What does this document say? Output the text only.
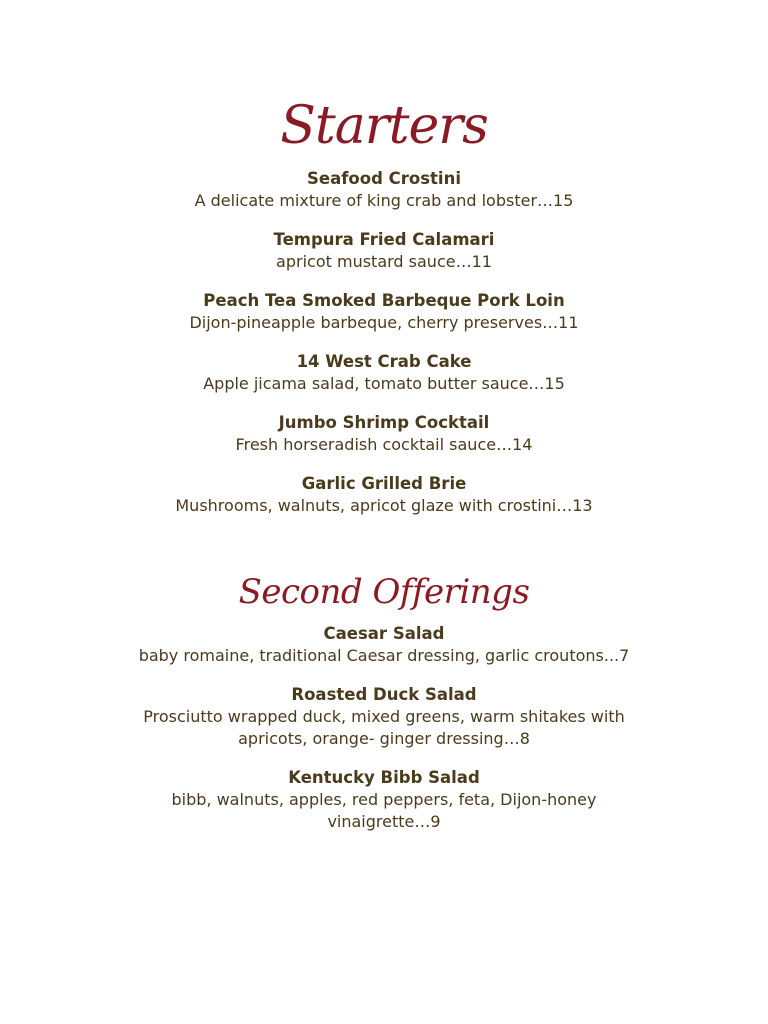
Starters

Seafood Crostini

A delicate mixture of king crab and lobster…15

Tempura Fried Calamari

apricot mustard sauce…11

Peach Tea Smoked Barbeque Pork Loin

Dijon-pineapple barbeque, cherry preserves…11

14 West Crab Cake

Apple jicama salad, tomato butter sauce…15

Jumbo Shrimp Cocktail

Fresh horseradish cocktail sauce…14

Garlic Grilled Brie

Mushrooms, walnuts, apricot glaze with crostini…13

Second Offerings

Caesar Salad

baby romaine, traditional Caesar dressing, garlic croutons...7

Roasted Duck Salad

Prosciutto wrapped duck, mixed greens, warm shitakes with apricots, orange- ginger dressing…8

Kentucky Bibb Salad

bibb, walnuts, apples, red peppers, feta, Dijon-honey vinaigrette…9
